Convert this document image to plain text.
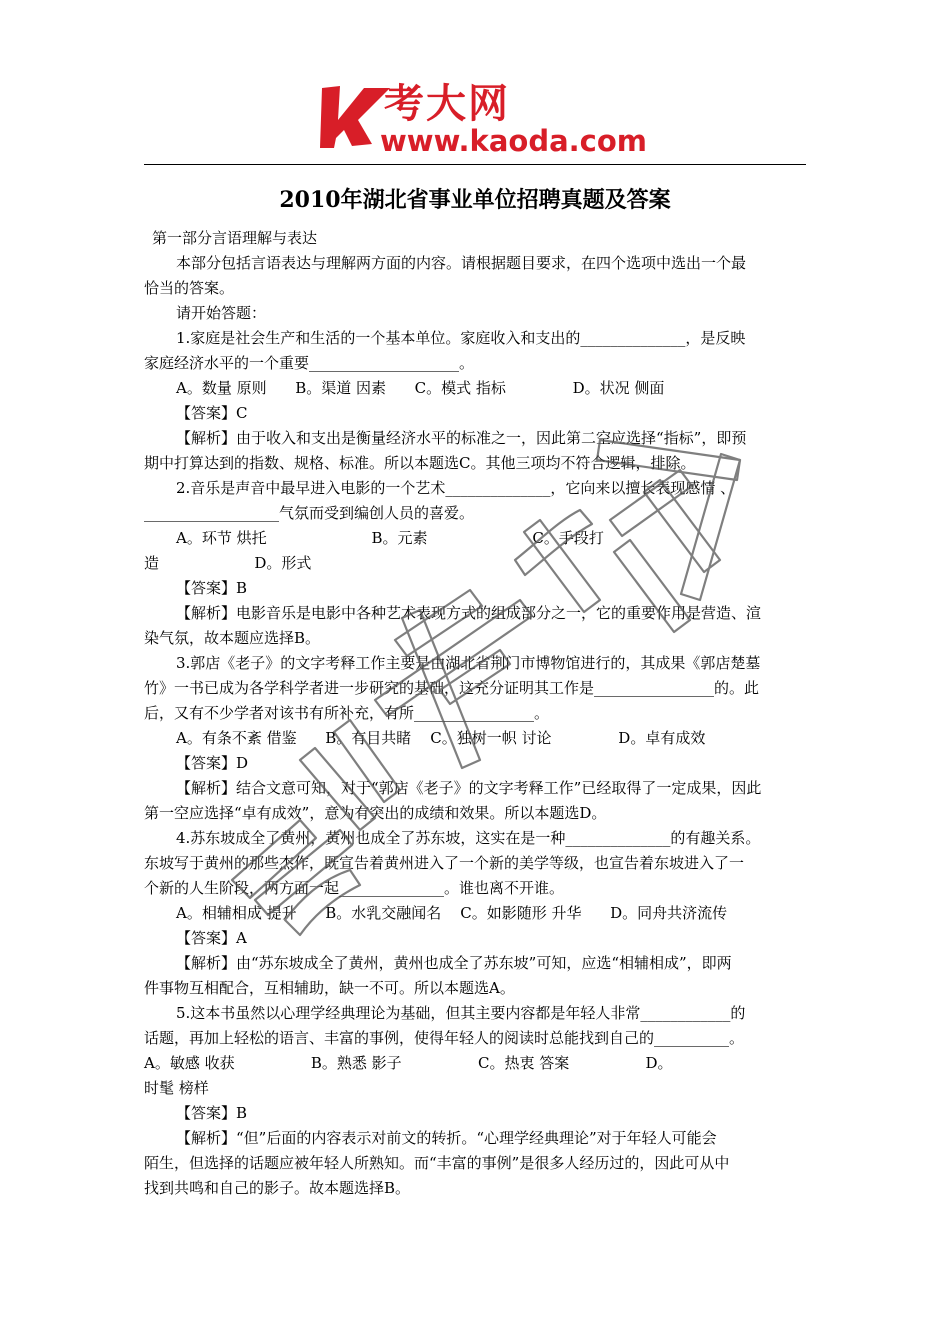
考大网
www.kaoda.com
2010年湖北省事业单位招聘真题及答案
第一部分言语理解与表达
本部分包括言语表达与理解两方面的内容。请根据题目要求，在四个选项中选出一个最
恰当的答案。
请开始答题：
1.家庭是社会生产和生活的一个基本单位。家庭收入和支出的______________，是反映
家庭经济水平的一个重要____________________。
A。数量 原则      B。渠道 因素      C。模式 指标              D。状况 侧面
【答案】C
【解析】由于收入和支出是衡量经济水平的标准之一，因此第二空应选择“指标”，即预
期中打算达到的指数、规格、标准。所以本题选C。其他三项均不符合逻辑，排除。
2.音乐是声音中最早进入电影的一个艺术______________，它向来以擅长表现感情 、
__________________气氛而受到编创人员的喜爱。
A。环节 烘托                      B。元素                      C。手段打
造                    D。形式
【答案】B
【解析】电影音乐是电影中各种艺术表现方式的组成部分之一，它的重要作用是营造、渲
染气氛，故本题应选择B。
3.郭店《老子》的文字考释工作主要是由湖北省荆门市博物馆进行的，其成果《郭店楚墓
竹》一书已成为各学科学者进一步研究的基础，这充分证明其工作是________________的。此
后，又有不少学者对该书有所补充，有所________________。
A。有条不紊 借鉴      B。有目共睹    C。独树一帜 讨论              D。卓有成效
【答案】D
【解析】结合文意可知，对于“郭店《老子》的文字考释工作”已经取得了一定成果，因此
第一空应选择“卓有成效”，意为有突出的成绩和效果。所以本题选D。
4.苏东坡成全了黄州，黄州也成全了苏东坡，这实在是一种______________的有趣关系。
东坡写于黄州的那些杰作，既宣告着黄州进入了一个新的美学等级，也宣告着东坡进入了一
个新的人生阶段，两方面一起______________。谁也离不开谁。
A。相辅相成 提升      B。水乳交融闻名    C。如影随形 升华      D。同舟共济流传
【答案】A
【解析】由“苏东坡成全了黄州，黄州也成全了苏东坡”可知，应选“相辅相成”，即两
件事物互相配合，互相辅助，缺一不可。所以本题选A。
5.这本书虽然以心理学经典理论为基础，但其主要内容都是年轻人非常____________的
话题，再加上轻松的语言、丰富的事例，使得年轻人的阅读时总能找到自己的__________。
A。敏感 收获                B。熟悉 影子                C。热衷 答案                D。
时髦 榜样
【答案】B
【解析】“但”后面的内容表示对前文的转折。“心理学经典理论”对于年轻人可能会
陌生，但选择的话题应被年轻人所熟知。而“丰富的事例”是很多人经历过的，因此可从中
找到共鸣和自己的影子。故本题选择B。
